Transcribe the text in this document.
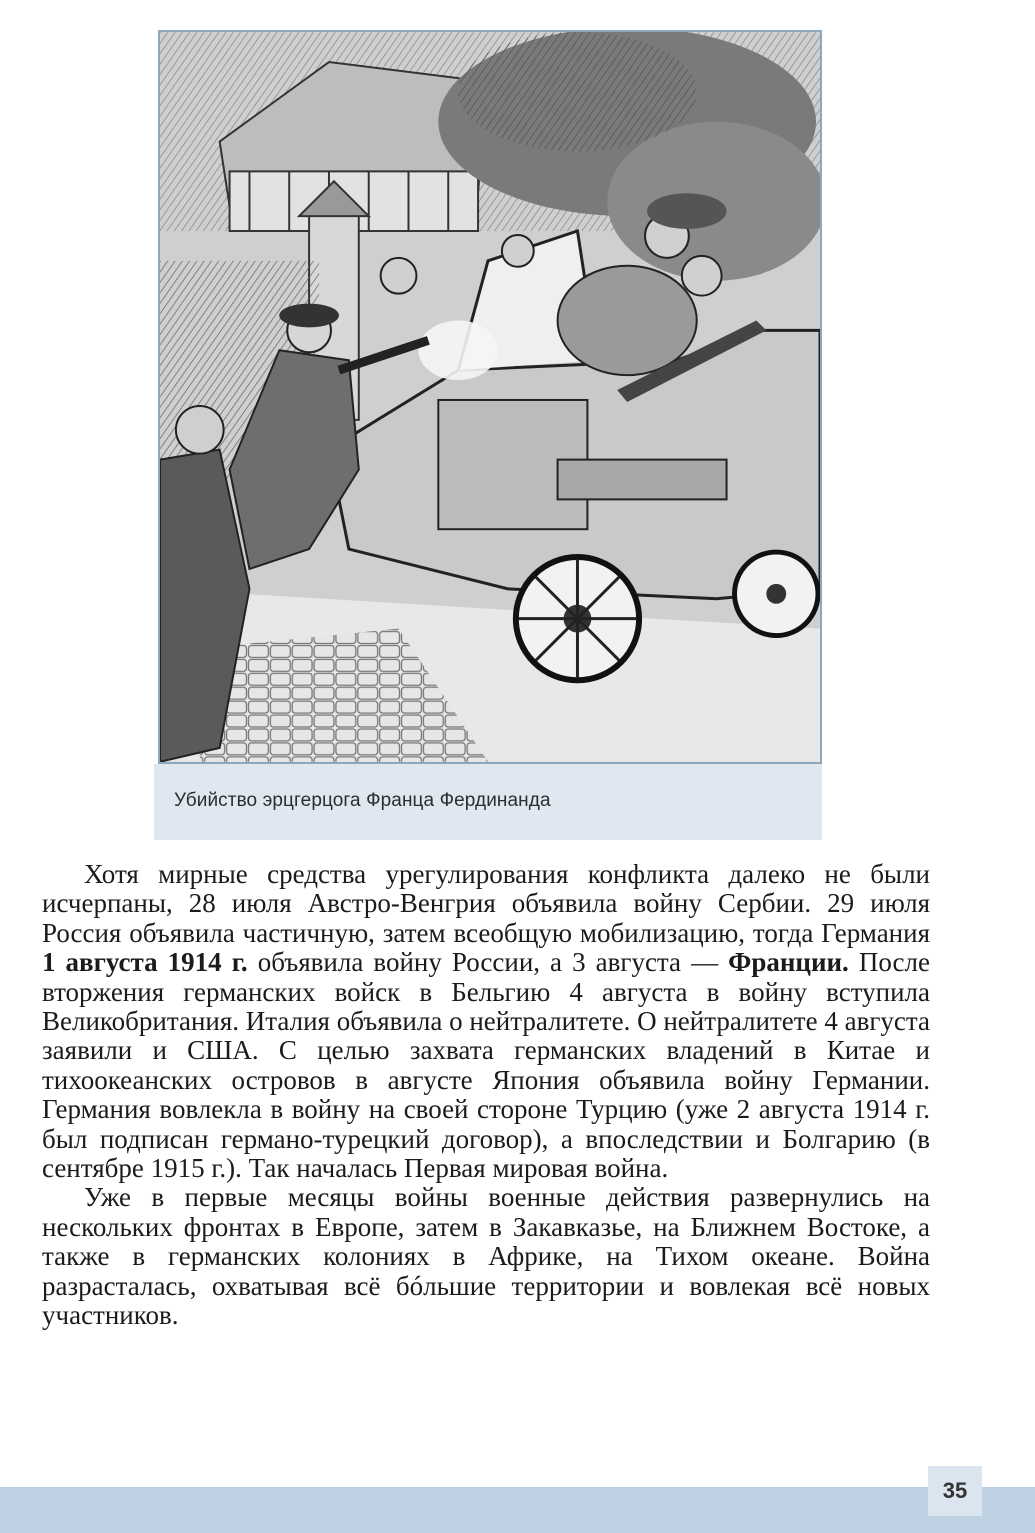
Убийство эрцгерцога Франца Фердинанда

Хотя мирные средства урегулирования конфликта далеко не были исчерпаны, 28 июля Австро-Венгрия объявила войну Сербии. 29 июля Россия объявила частичную, затем всеобщую мобилизацию, тогда Германия 1 августа 1914 г. объявила войну России, а 3 августа — Франции. После вторжения германских войск в Бельгию 4 августа в войну вступила Великобритания. Италия объявила о нейтралитете. О нейтралитете 4 августа заявили и США. С целью захвата германских владений в Китае и тихоокеанских островов в августе Япония объявила войну Германии. Германия вовлекла в войну на своей стороне Турцию (уже 2 августа 1914 г. был подписан германо-турецкий договор), а впоследствии и Болгарию (в сентябре 1915 г.). Так началась Первая мировая война.

Уже в первые месяцы войны военные действия развернулись на нескольких фронтах в Европе, затем в Закавказье, на Ближнем Востоке, а также в германских колониях в Африке, на Тихом океане. Война разрасталась, охватывая всё бóльшие территории и вовлекая всё новых участников.

35
